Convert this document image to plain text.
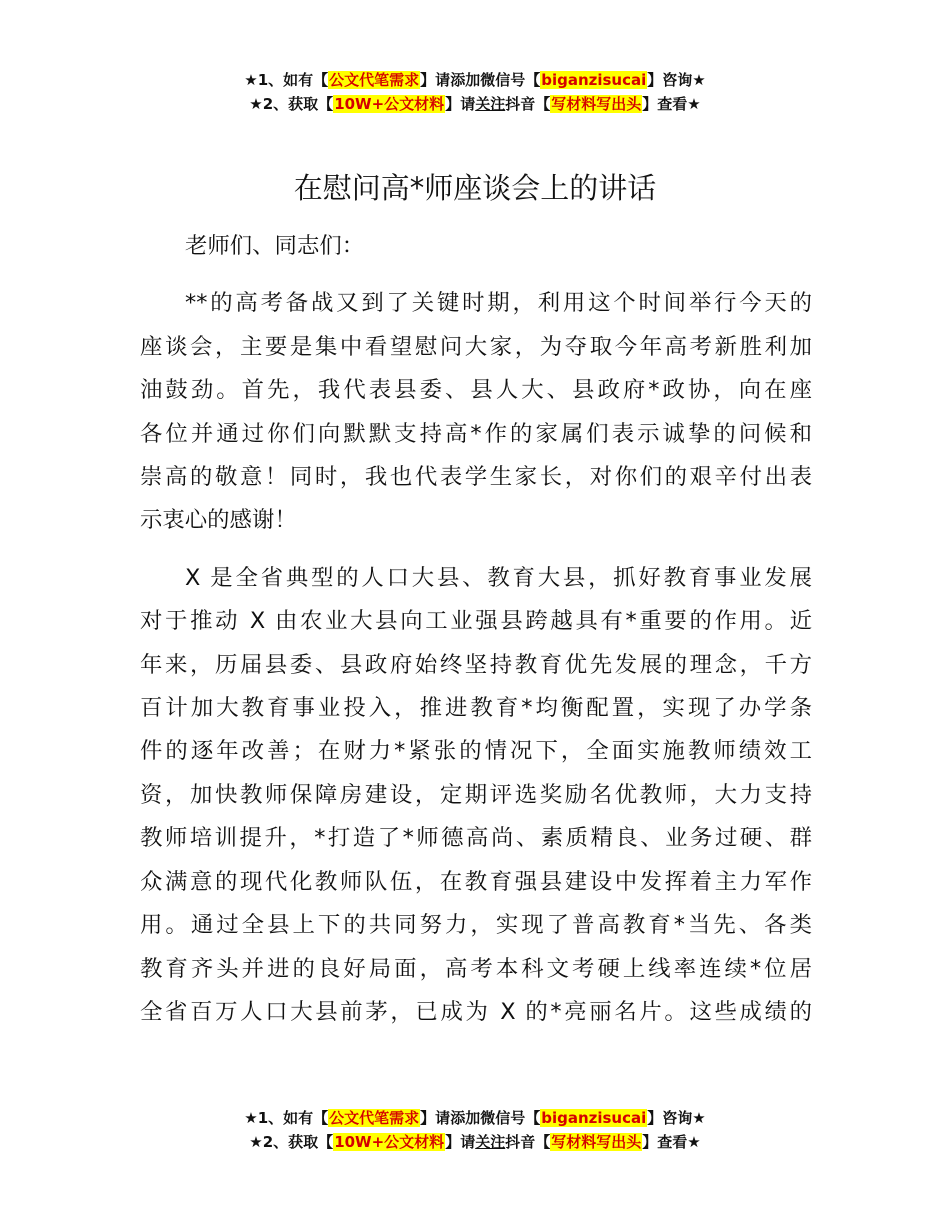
★1、如有【公文代笔需求】请添加微信号【biganzisucai】咨询★
★2、获取【10W+公文材料】请关注抖音【写材料写出头】查看★
在慰问高*师座谈会上的讲话

老师们、同志们：

**的高考备战又到了关键时期，利用这个时间举行今天的
座谈会，主要是集中看望慰问大家，为夺取今年高考新胜利加
油鼓劲。首先，我代表县委、县人大、县政府*政协，向在座
各位并通过你们向默默支持高*作的家属们表示诚挚的问候和
崇高的敬意！同时，我也代表学生家长，对你们的艰辛付出表
示衷心的感谢！

X 是全省典型的人口大县、教育大县，抓好教育事业发展
对于推动 X 由农业大县向工业强县跨越具有*重要的作用。近
年来，历届县委、县政府始终坚持教育优先发展的理念，千方
百计加大教育事业投入，推进教育*均衡配置，实现了办学条
件的逐年改善；在财力*紧张的情况下，全面实施教师绩效工
资，加快教师保障房建设，定期评选奖励名优教师，大力支持
教师培训提升，*打造了*师德高尚、素质精良、业务过硬、群
众满意的现代化教师队伍，在教育强县建设中发挥着主力军作
用。通过全县上下的共同努力，实现了普高教育*当先、各类
教育齐头并进的良好局面，高考本科文考硬上线率连续*位居
全省百万人口大县前茅，已成为 X 的*亮丽名片。这些成绩的

★1、如有【公文代笔需求】请添加微信号【biganzisucai】咨询★
★2、获取【10W+公文材料】请关注抖音【写材料写出头】查看★
